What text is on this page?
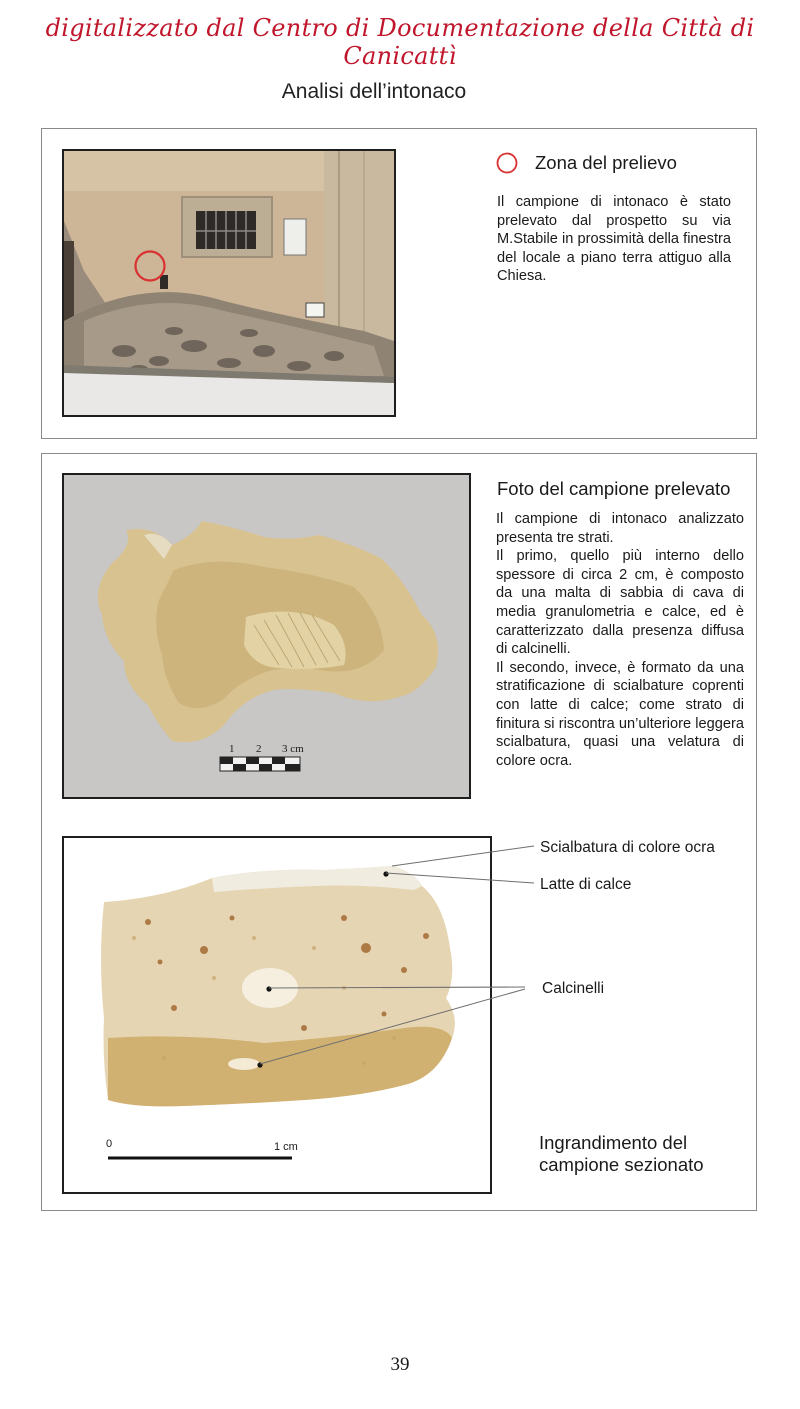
digitalizzato dal Centro di Documentazione della Città di Canicattì
Analisi dell’intonaco
Zona del prelievo
Il campione di intonaco è stato prelevato dal prospetto su via M.Stabile in prossimità della finestra del locale a piano terra attiguo alla Chiesa.
1 2 3 cm
Foto del campione prelevato
Il campione di intonaco analizzato presenta tre strati.
Il primo, quello più interno dello spessore di circa 2 cm, è composto da una malta di sabbia di cava di media granulometria e calce, ed è caratterizzato dalla presenza diffusa di calcinelli.
Il secondo, invece, è formato da una stratificazione di scialbature coprenti con latte di calce; come strato di finitura si riscontra un’ulteriore leggera scialbatura, quasi una velatura di colore ocra.
0	1 cm
Scialbatura di colore ocra
Latte di calce
Calcinelli
Ingrandimento del campione sezionato
39
